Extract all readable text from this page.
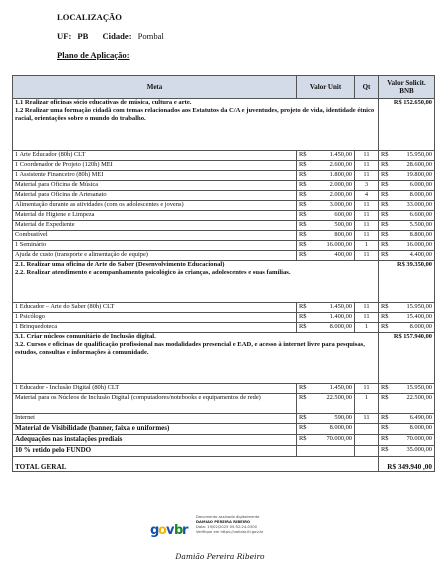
LOCALIZAÇÃO
UF: PB Cidade: Pombal
Plano de Aplicação:
Meta	Valor Unit	Qt	Valor Solicit. BNB

1.1 Realizar oficinas sócio educativas de música, cultura e arte.
1.2 Realizar uma formação cidadã com temas relacionados aos Estatutos da C/A e juventudes, projeto de vida, identidade étnico racial, orientações sobre o mundo do trabalho.			R$ 152.650,00
1 Arte Educador (80h) CLT	R$ 1.450,00	11	R$ 15.950,00
1 Coordenador de Projeto (120h) MEI	R$ 2.600,00	11	R$ 28.600,00
1 Assistente Financeiro (80h) MEI	R$ 1.800,00	11	R$ 19.800,00
Material para Oficina de Música	R$ 2.000,00	3	R$ 6.000,00
Material para Oficina de Artesanato	R$ 2.000,00	4	R$ 8.000,00
Alimentação durante as atividades (com os adolescentes e jovens)	R$ 3.000,00	11	R$ 33.000,00
Material de Higiene e Limpeza	R$ 600,00	11	R$ 6.600,00
Material de Expediente	R$ 500,00	11	R$ 5.500,00
Combustível	R$ 800,00	11	R$ 8.800,00
1 Seminário	R$ 16.000,00	1	R$ 16.000,00
Ajuda de custo (transporte e alimentação de equipe)	R$ 400,00	11	R$ 4.400,00

2.1. Realizar uma oficina de Arte do Saber (Desenvolvimento Educacional)
2.2. Realizar atendimento e acompanhamento psicológico às crianças, adolescentes e suas famílias.			R$ 39.350,00
1 Educador – Arte do Saber (80h) CLT	R$ 1.450,00	11	R$ 15.950,00
1 Psicólogo	R$ 1.400,00	11	R$ 15.400,00
1 Brinquedoteca	R$ 8.000,00	1	R$ 8.000,00

3.1. Criar núcleos comunitário de Inclusão digital.
3.2. Cursos e oficinas de qualificação profissional nas modalidades presencial e EAD, e acesso à internet livre para pesquisas, estudos, consultas e informações à comunidade.			R$ 157.940,00
1 Educador - Inclusão Digital (80h) CLT	R$ 1.450,00	11	R$ 15.950,00
Material para os Núcleos de Inclusão Digital (computadores/notebooks e equipamentos de rede)	R$ 22.500,00	1	R$ 22.500,00
Internet	R$ 590,00	11	R$ 6.490,00
Material de Visibilidade (banner, faixa e uniformes)	R$ 8.000,00		R$ 8.000,00
Adequações nas instalações prediais	R$ 70.000,00		R$ 70.000,00
10 % retido pelo FUNDO			R$ 35.000,00
TOTAL GERAL			R$ 349.940 ,00
g
o v b
r
Documento assinado digitalmente
DAMIAO PEREIRA RIBEIRO
Data: 19/02/2025 05:52:24-0300
Verifique em https://validar.iti.gov.br
Damião Pereira Ribeiro
